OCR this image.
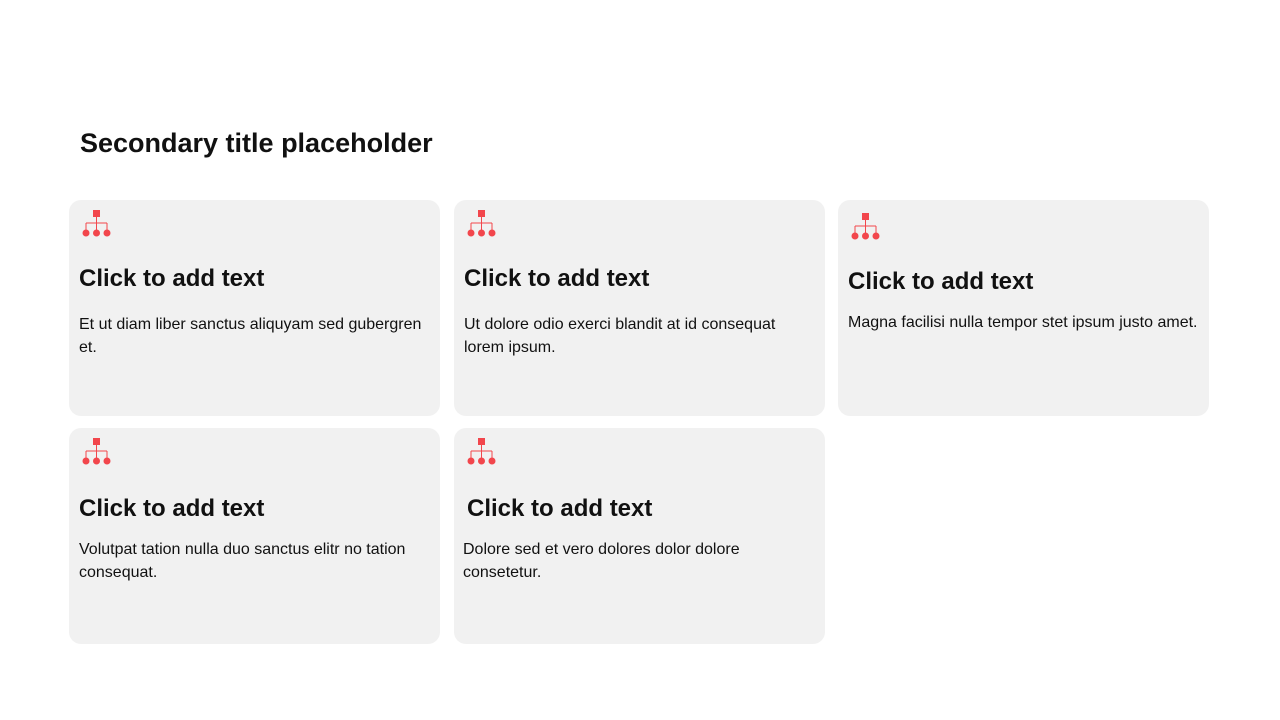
Secondary title placeholder
Click to add text
Et ut diam liber sanctus aliquyam sed gubergren et.
Click to add text
Ut dolore odio exerci blandit at id consequat lorem ipsum.
Click to add text
Magna facilisi nulla tempor stet ipsum justo amet.
Click to add text
Volutpat tation nulla duo sanctus elitr no tation consequat.
Click to add text
Dolore sed et vero dolores dolor dolore consetetur.
